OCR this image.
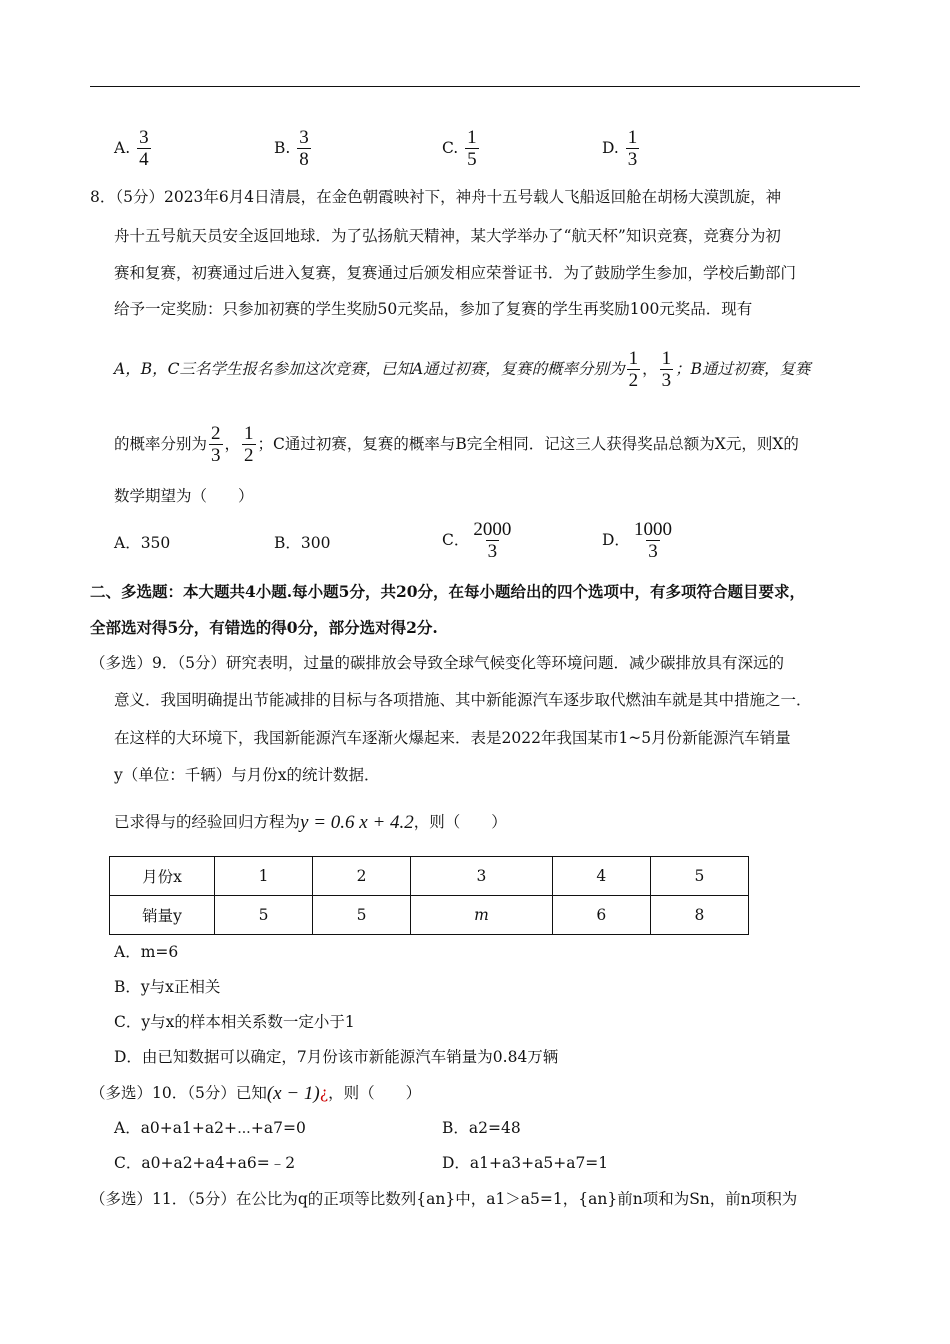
A. $\frac{3}{4}$	B. $\frac{3}{8}$	C. $\frac{1}{5}$	D. $\frac{1}{3}$
8．（5分）2023年6月4日清晨，在金色朝霞映衬下，神舟十五号载人飞船返回舱在胡杨大漠凯旋，神
舟十五号航天员安全返回地球．为了弘扬航天精神，某大学举办了“航天杯”知识竞赛，竞赛分为初
赛和复赛，初赛通过后进入复赛，复赛通过后颁发相应荣誉证书．为了鼓励学生参加，学校后勤部门
给予一定奖励：只参加初赛的学生奖励50元奖品，参加了复赛的学生再奖励100元奖品．现有
A，B，C三名学生报名参加这次竞赛，已知A通过初赛，复赛的概率分别为 $\frac{1}{2}$ ， $\frac{1}{3}$ ；B通过初赛，复赛
的概率分别为 $\frac{2}{3}$ ， $\frac{1}{2}$ ；C通过初赛，复赛的概率与B完全相同．记这三人获得奖品总额为X元，则X的
数学期望为（　　）
A．350	B．300	C． $\frac{2000}{3}$	D． $\frac{1000}{3}$
二、多选题：本大题共4小题.每小题5分，共20分，在每小题给出的四个选项中，有多项符合题目要求，
全部选对得5分，有错选的得0分，部分选对得2分.
（多选）9．（5分）研究表明，过量的碳排放会导致全球气候变化等环境问题．减少碳排放具有深远的
意义．我国明确提出节能减排的目标与各项措施、其中新能源汽车逐步取代燃油车就是其中措施之一．
在这样的大环境下，我国新能源汽车逐渐火爆起来．表是2022年我国某市1~5月份新能源汽车销量
y（单位：千辆）与月份x的统计数据．
已求得与的经验回归方程为 y = 0.6 x + 4.2 ，则（　　）
月份x	1	2	3	4	5
销量y	5	5	m	6	8
A．m=6
B．y与x正相关
C．y与x的样本相关系数一定小于1
D．由已知数据可以确定，7月份该市新能源汽车销量为0.84万辆
（多选）10．（5分）已知 (x − 1) ¿ ，则（　　）
A．a0+a1+a2+⋯+a7=0	B．a2=48
C．a0+a2+a4+a6=﹣2	D．a1+a3+a5+a7=1
（多选）11．（5分）在公比为q的正项等比数列{an}中，a1＞a5=1，{an}前n项和为Sn，前n项积为
